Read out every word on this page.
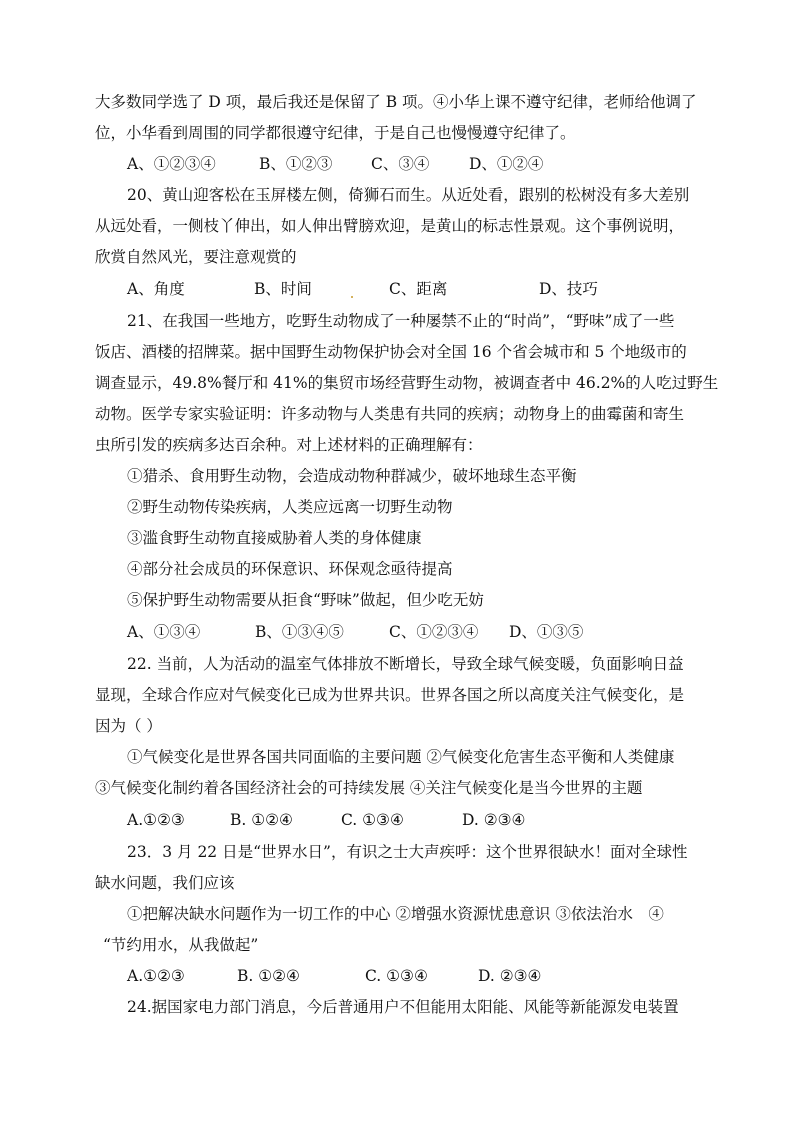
大多数同学选了 D 项，最后我还是保留了 B 项。④小华上课不遵守纪律，老师给他调了
位，小华看到周围的同学都很遵守纪律，于是自己也慢慢遵守纪律了。
A、①②③④	B、①②③ C、③④	D、①②④
20、黄山迎客松在玉屏楼左侧，倚狮石而生。从近处看，跟别的松树没有多大差别
从远处看，一侧枝丫伸出，如人伸出臂膀欢迎，是黄山的标志性景观。这个事例说明，
欣赏自然风光，要注意观赏的
A、角度	B、时间	C、距离	D、技巧
21、在我国一些地方，吃野生动物成了一种屡禁不止的“时尚”，“野味”成了一些
饭店、酒楼的招牌菜。据中国野生动物保护协会对全国 16 个省会城市和 5 个地级市的
调查显示，49.8%餐厅和 41%的集贸市场经营野生动物，被调查者中 46.2%的人吃过野生
动物。医学专家实验证明：许多动物与人类患有共同的疾病；动物身上的曲霉菌和寄生
虫所引发的疾病多达百余种。对上述材料的正确理解有：
①猎杀、食用野生动物，会造成动物种群减少，破坏地球生态平衡
②野生动物传染疾病，人类应远离一切野生动物
③滥食野生动物直接威胁着人类的身体健康
④部分社会成员的环保意识、环保观念亟待提高
⑤保护野生动物需要从拒食“野味”做起，但少吃无妨
A、①③④	B、①③④⑤	C、①②③④ D、①③⑤
22. 当前，人为活动的温室气体排放不断增长，导致全球气候变暖，负面影响日益
显现，全球合作应对气候变化已成为世界共识。世界各国之所以高度关注气候变化，是
因为（ ）
①气候变化是世界各国共同面临的主要问题 ②气候变化危害生态平衡和人类健康
③气候变化制约着各国经济社会的可持续发展 ④关注气候变化是当今世界的主题
A.①②③	B. ①②④	C. ①③④	D. ②③④
23．3 月 22 日是“世界水日”，有识之士大声疾呼：这个世界很缺水！面对全球性
缺水问题，我们应该
①把解决缺水问题作为一切工作的中心 ②增强水资源忧患意识 ③依法治水　④
“节约用水，从我做起”
A.①②③	B. ①②④	C. ①③④	D. ②③④
24.据国家电力部门消息，今后普通用户不但能用太阳能、风能等新能源发电装置
